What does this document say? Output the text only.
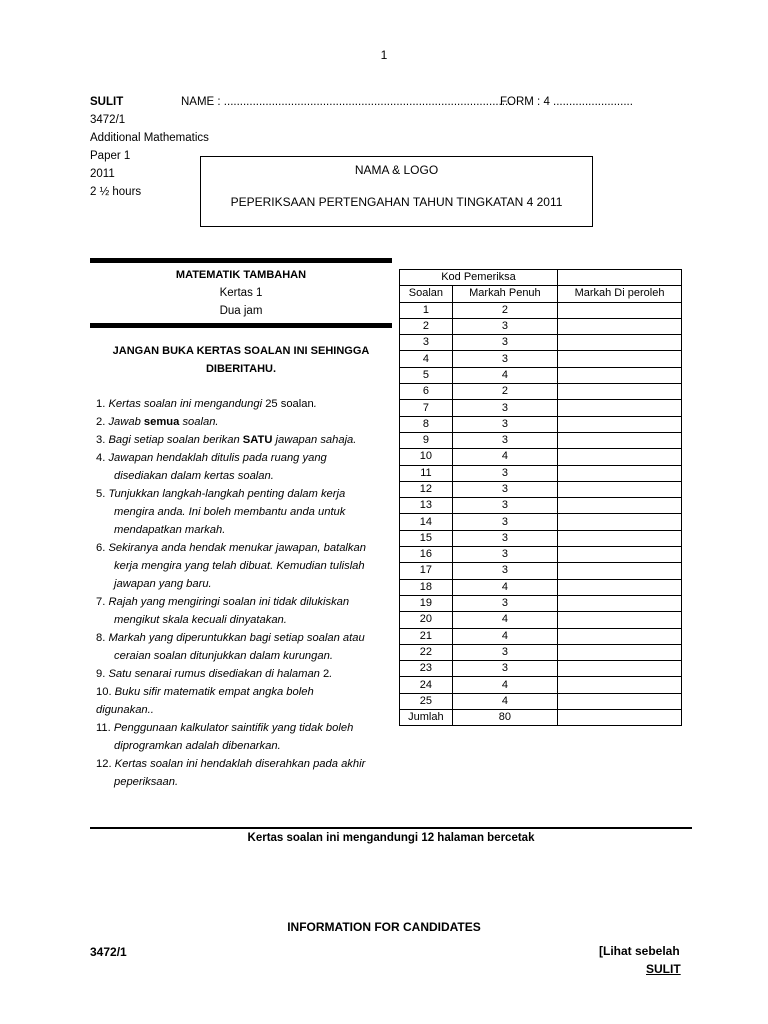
1
SULIT	NAME : ..........................................................................................
FORM : 4 .........................
3472/1
Additional Mathematics
Paper 1
2011
2 ½ hours
NAMA & LOGO
PEPERIKSAAN PERTENGAHAN TAHUN TINGKATAN 4 2011
MATEMATIK TAMBAHAN
Kertas 1
Dua jam
JANGAN BUKA KERTAS SOALAN INI SEHINGGA
DIBERITAHU.
1. Kertas soalan ini mengandungi 25 soalan.
2. Jawab semua soalan.
3. Bagi setiap soalan berikan SATU jawapan sahaja.
4. Jawapan hendaklah ditulis pada ruang yang
disediakan dalam kertas soalan.
5. Tunjukkan langkah-langkah penting dalam kerja
mengira anda. Ini boleh membantu anda untuk
mendapatkan markah.
6. Sekiranya anda hendak menukar jawapan, batalkan
kerja mengira yang telah dibuat. Kemudian tulislah
jawapan yang baru.
7. Rajah yang mengiringi soalan ini tidak dilukiskan
mengikut skala kecuali dinyatakan.
8. Markah yang diperuntukkan bagi setiap soalan atau
ceraian soalan ditunjukkan dalam kurungan.
9. Satu senarai rumus disediakan di halaman 2.
10. Buku sifir matematik empat angka boleh
digunakan..
11. Penggunaan kalkulator saintifik yang tidak boleh
diprogramkan adalah dibenarkan.
12. Kertas soalan ini hendaklah diserahkan pada akhir
peperiksaan.
Kod Pemeriksa		
Soalan	Markah Penuh	Markah Di peroleh
1	2	
2	3	
3	3	
4	3	
5	4	
6	2	
7	3	
8	3	
9	3	
10	4	
11	3	
12	3	
13	3	
14	3	
15	3	
16	3	
17	3	
18	4	
19	3	
20	4	
21	4	
22	3	
23	3	
24	4	
25	4	
Jumlah	80	
Kertas soalan ini mengandungi 12 halaman bercetak
INFORMATION FOR CANDIDATES
3472/1	[Lihat sebelah
SULIT
